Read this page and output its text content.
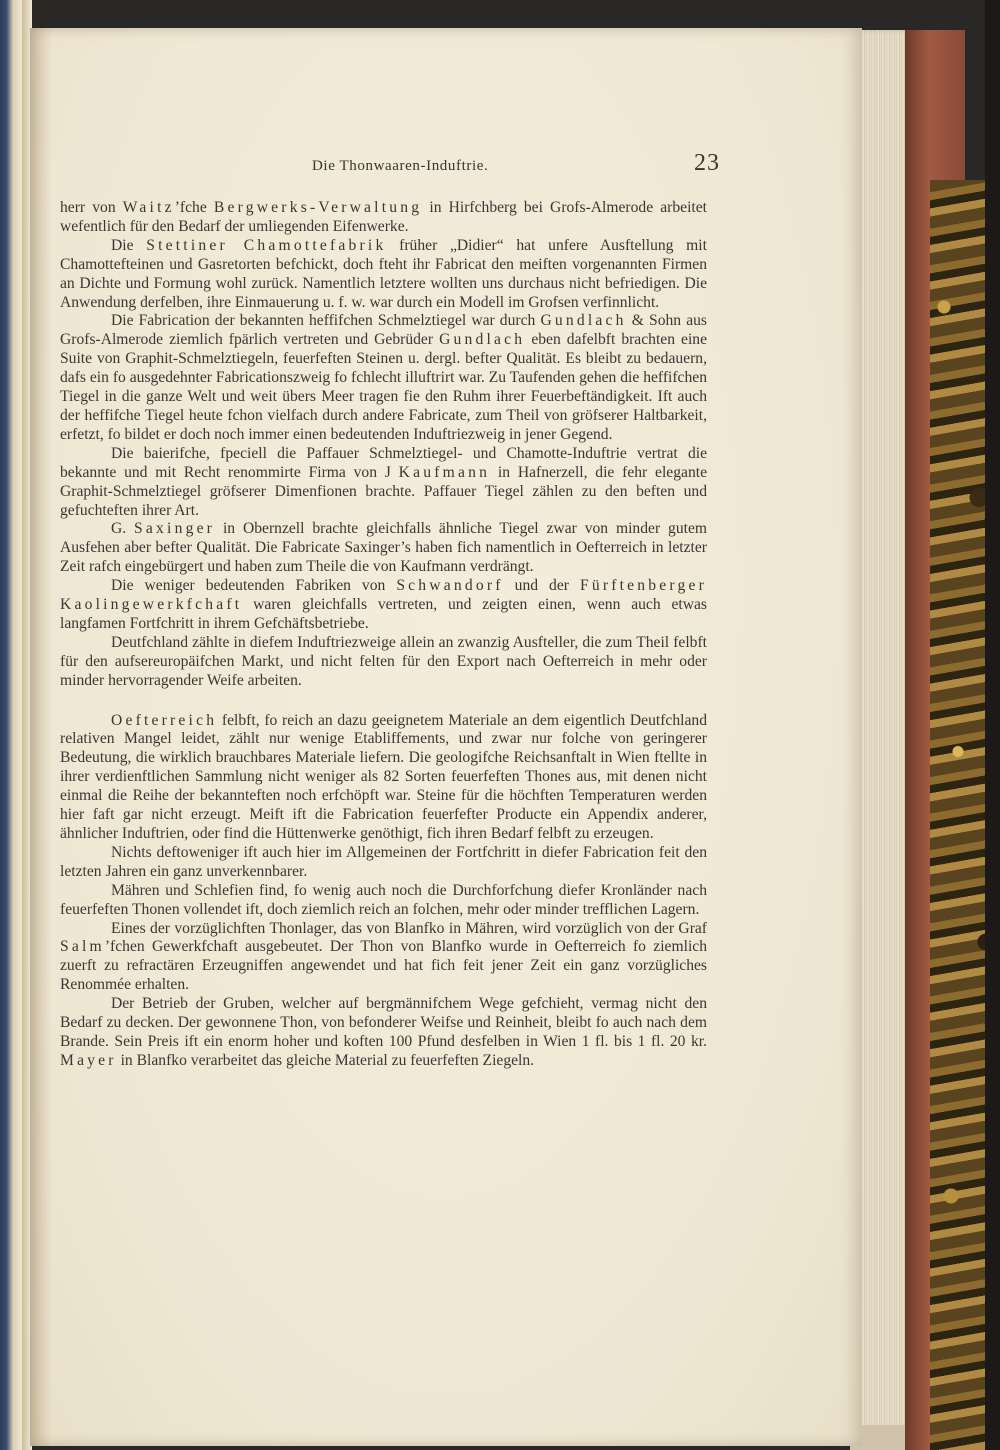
Die Thonwaaren-Induftrie.	23

herr von Waitz’fche Bergwerks-Verwaltung in Hirfchberg bei Grofs-Almerode arbeitet wefentlich für den Bedarf der umliegenden Eifenwerke.

Die Stettiner Chamottefabrik früher „Didier“ hat unfere Ausftellung mit Chamottefteinen und Gasretorten befchickt, doch fteht ihr Fabricat den meiften vorgenannten Firmen an Dichte und Formung wohl zurück. Namentlich letztere wollten uns durchaus nicht befriedigen. Die Anwendung derfelben, ihre Einmauerung u. f. w. war durch ein Modell im Grofsen verfinnlicht.

Die Fabrication der bekannten heffifchen Schmelztiegel war durch Gundlach & Sohn aus Grofs-Almerode ziemlich fpärlich vertreten und Gebrüder Gundlach eben dafelbft brachten eine Suite von Graphit-Schmelztiegeln, feuerfeften Steinen u. dergl. befter Qualität. Es bleibt zu bedauern, dafs ein fo ausgedehnter Fabricationszweig fo fchlecht illuftrirt war. Zu Taufenden gehen die heffifchen Tiegel in die ganze Welt und weit übers Meer tragen fie den Ruhm ihrer Feuerbeftändigkeit. Ift auch der heffifche Tiegel heute fchon vielfach durch andere Fabricate, zum Theil von gröfserer Haltbarkeit, erfetzt, fo bildet er doch noch immer einen bedeutenden Induftriezweig in jener Gegend.

Die baierifche, fpeciell die Paffauer Schmelztiegel- und Chamotte-Induftrie vertrat die bekannte und mit Recht renommirte Firma von J Kaufmann in Hafnerzell, die fehr elegante Graphit-Schmelztiegel gröfserer Dimenfionen brachte. Paffauer Tiegel zählen zu den beften und gefuchteften ihrer Art.

G. Saxinger in Obernzell brachte gleichfalls ähnliche Tiegel zwar von minder gutem Ausfehen aber befter Qualität. Die Fabricate Saxinger’s haben fich namentlich in Oefterreich in letzter Zeit rafch eingebürgert und haben zum Theile die von Kaufmann verdrängt.

Die weniger bedeutenden Fabriken von Schwandorf und der Fürftenberger Kaolingewerkfchaft waren gleichfalls vertreten, und zeigten einen, wenn auch etwas langfamen Fortfchritt in ihrem Gefchäftsbetriebe.

Deutfchland zählte in diefem Induftriezweige allein an zwanzig Ausfteller, die zum Theil felbft für den aufsereuropäifchen Markt, und nicht felten für den Export nach Oefterreich in mehr oder minder hervorragender Weife arbeiten.

Oefterreich felbft, fo reich an dazu geeignetem Materiale an dem eigentlich Deutfchland relativen Mangel leidet, zählt nur wenige Etabliffements, und zwar nur folche von geringerer Bedeutung, die wirklich brauchbares Materiale liefern. Die geologifche Reichsanftalt in Wien ftellte in ihrer verdienftlichen Sammlung nicht weniger als 82 Sorten feuerfeften Thones aus, mit denen nicht einmal die Reihe der bekannteften noch erfchöpft war. Steine für die höchften Temperaturen werden hier faft gar nicht erzeugt. Meift ift die Fabrication feuerfefter Producte ein Appendix anderer, ähnlicher Induftrien, oder find die Hüttenwerke genöthigt, fich ihren Bedarf felbft zu erzeugen.

Nichts deftoweniger ift auch hier im Allgemeinen der Fortfchritt in diefer Fabrication feit den letzten Jahren ein ganz unverkennbarer.

Mähren und Schlefien find, fo wenig auch noch die Durchforfchung diefer Kronländer nach feuerfeften Thonen vollendet ift, doch ziemlich reich an folchen, mehr oder minder trefflichen Lagern.

Eines der vorzüglichften Thonlager, das von Blanfko in Mähren, wird vorzüglich von der Graf Salm’fchen Gewerkfchaft ausgebeutet. Der Thon von Blanfko wurde in Oefterreich fo ziemlich zuerft zu refractären Erzeugniffen angewendet und hat fich feit jener Zeit ein ganz vorzügliches Renommée erhalten.

Der Betrieb der Gruben, welcher auf bergmännifchem Wege gefchieht, vermag nicht den Bedarf zu decken. Der gewonnene Thon, von befonderer Weifse und Reinheit, bleibt fo auch nach dem Brande. Sein Preis ift ein enorm hoher und koften 100 Pfund desfelben in Wien 1 fl. bis 1 fl. 20 kr. Mayer in Blanfko verarbeitet das gleiche Material zu feuerfeften Ziegeln.
